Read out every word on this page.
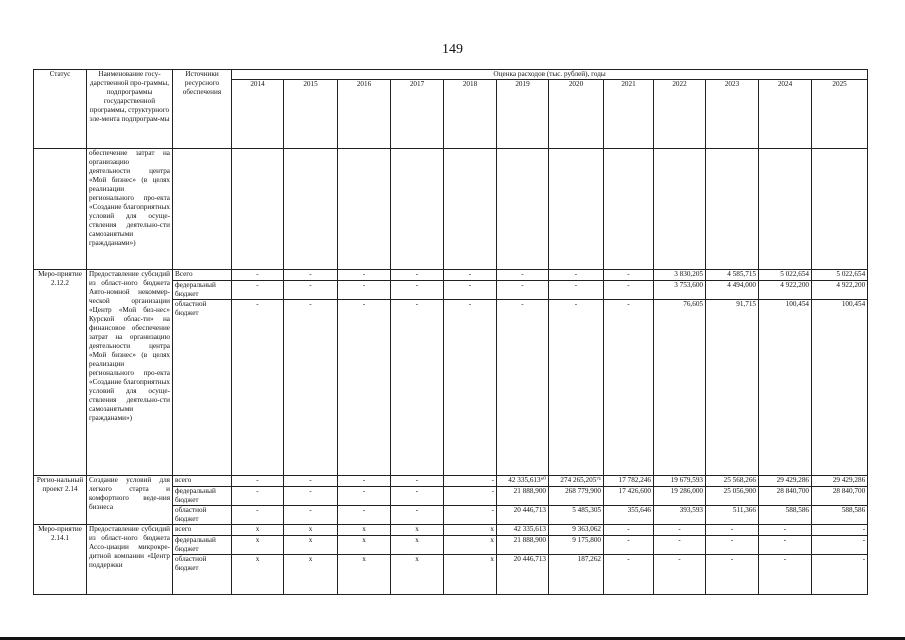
149
Статус	Наименование госу-дарственной про-граммы, подпрограммы государственной программы, структурного эле-мента подпрограм-мы	Источники ресурсного обеспечения	Оценка расходов (тыс. рублей), годы											
			2014	2015	2016	2017	2018	2019	2020	2021	2022	2023	2024	2025
	обеспечение затрат на организацию деятельности центра «Мой бизнес» (в целях реализации регионального про-екта «Создание благоприятных условий для осуще-ствления деятельно-сти самозанятыми граждданами»)													
Меро-приятие 2.12.2	Предоставление субсидий из област-ного бюджета Авто-номной некоммер-ческой организации «Центр «Мой биз-нес» Курской облас-ти» на финансовое обеспечение затрат на организацию деятельности центра «Мой бизнес» (в целях реализации регионального про-екта «Создание благоприятных условий для осуще-ствления деятельно-сти самозанятыми гражданами»)	Всего	-	-	-	-	-	-	-	-	3 830,205	4 585,715	5 022,654	5 022,654
		федеральный бюджет	-	-	-	-	-	-	-	-	3 753,600	4 494,000	4 922,200	4 922,200
		областной бюджет	-	-	-	-	-	-	-	-	76,605	91,715	100,454	100,454
Регио-нальный проект 2.14	Создание условий для легкого старта и комфортного веде-ния бизнеса	всего	-	-	-	-	-	42 335,613⁶⁰	274 265,205⁷¹	17 782,246	19 679,593	25 568,266	29 429,286	29 429,286
		федеральный бюджет	-	-	-	-	-	21 888,900	268 779,900	17 426,600	19 286,000	25 056,900	28 840,700	28 840,700
		областной бюджет	-	-	-	-	-	20 446,713	5 485,305	355,646	393,593	511,366	588,586	588,586
Меро-приятие 2.14.1	Предоставление субсидий из област-ного бюджета Ассо-циации микрокре-дитной компании «Центр поддержки	всего	x	x	x	x	x	42 335,613	9 363,062	-	-	-	-	-
		федеральный бюджет	x	x	x	x	x	21 888,900	9 175,800	-	-	-	-	-
		областной бюджет	x	x	x	x	x	20 446,713	187,262	-	-	-	-	-
